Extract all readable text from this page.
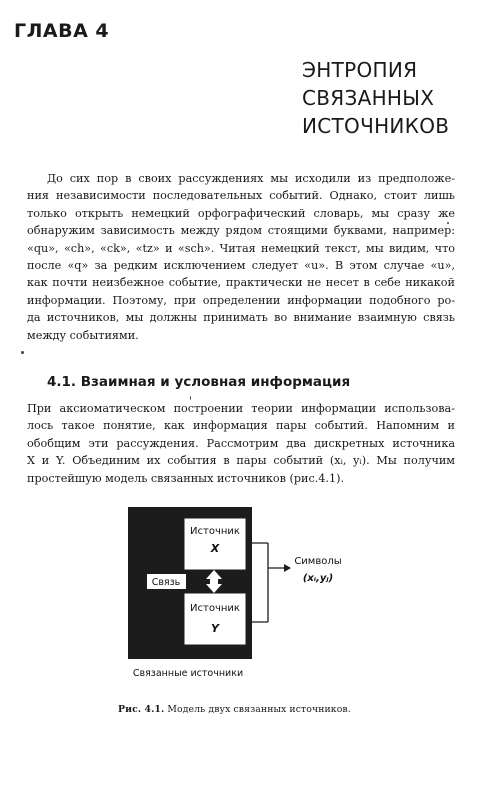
ГЛАВА 4
ЭНТРОПИЯ
СВЯЗАННЫХ
ИСТОЧНИКОВ
До сих пор в своих рассуждениях мы исходили из предположе-
ния независимости последовательных событий. Однако, стоит лишь
только открыть немецкий орфографический словарь, мы сразу же
обнаружим зависимость между рядом стоящими буквами, например:
«qu», «ch», «ck», «tz» и «sch». Читая немецкий текст, мы видим, что
после «q» за редким исключением следует «u». В этом случае «u»,
как почти неизбежное событие, практически не несет в себе никакой
информации. Поэтому, при определении информации подобного ро-
да источников, мы должны принимать во внимание взаимную связь
между событиями.
4.1. Взаимная и условная информация
При аксиоматическом построении теории информации использова-
лось такое понятие, как информация пары событий. Напомним и
обобщим эти рассуждения. Рассмотрим два дискретных источника
X и Y. Объединим их события в пары событий (xᵢ, yᵢ). Мы получим
простейшую модель связанных источников (рис.4.1).
Источник
X
Источник
Y
Связь
Связанные источники
Символы
(xᵢ,yⱼ)
Рис. 4.1. Модель двух связанных источников.
